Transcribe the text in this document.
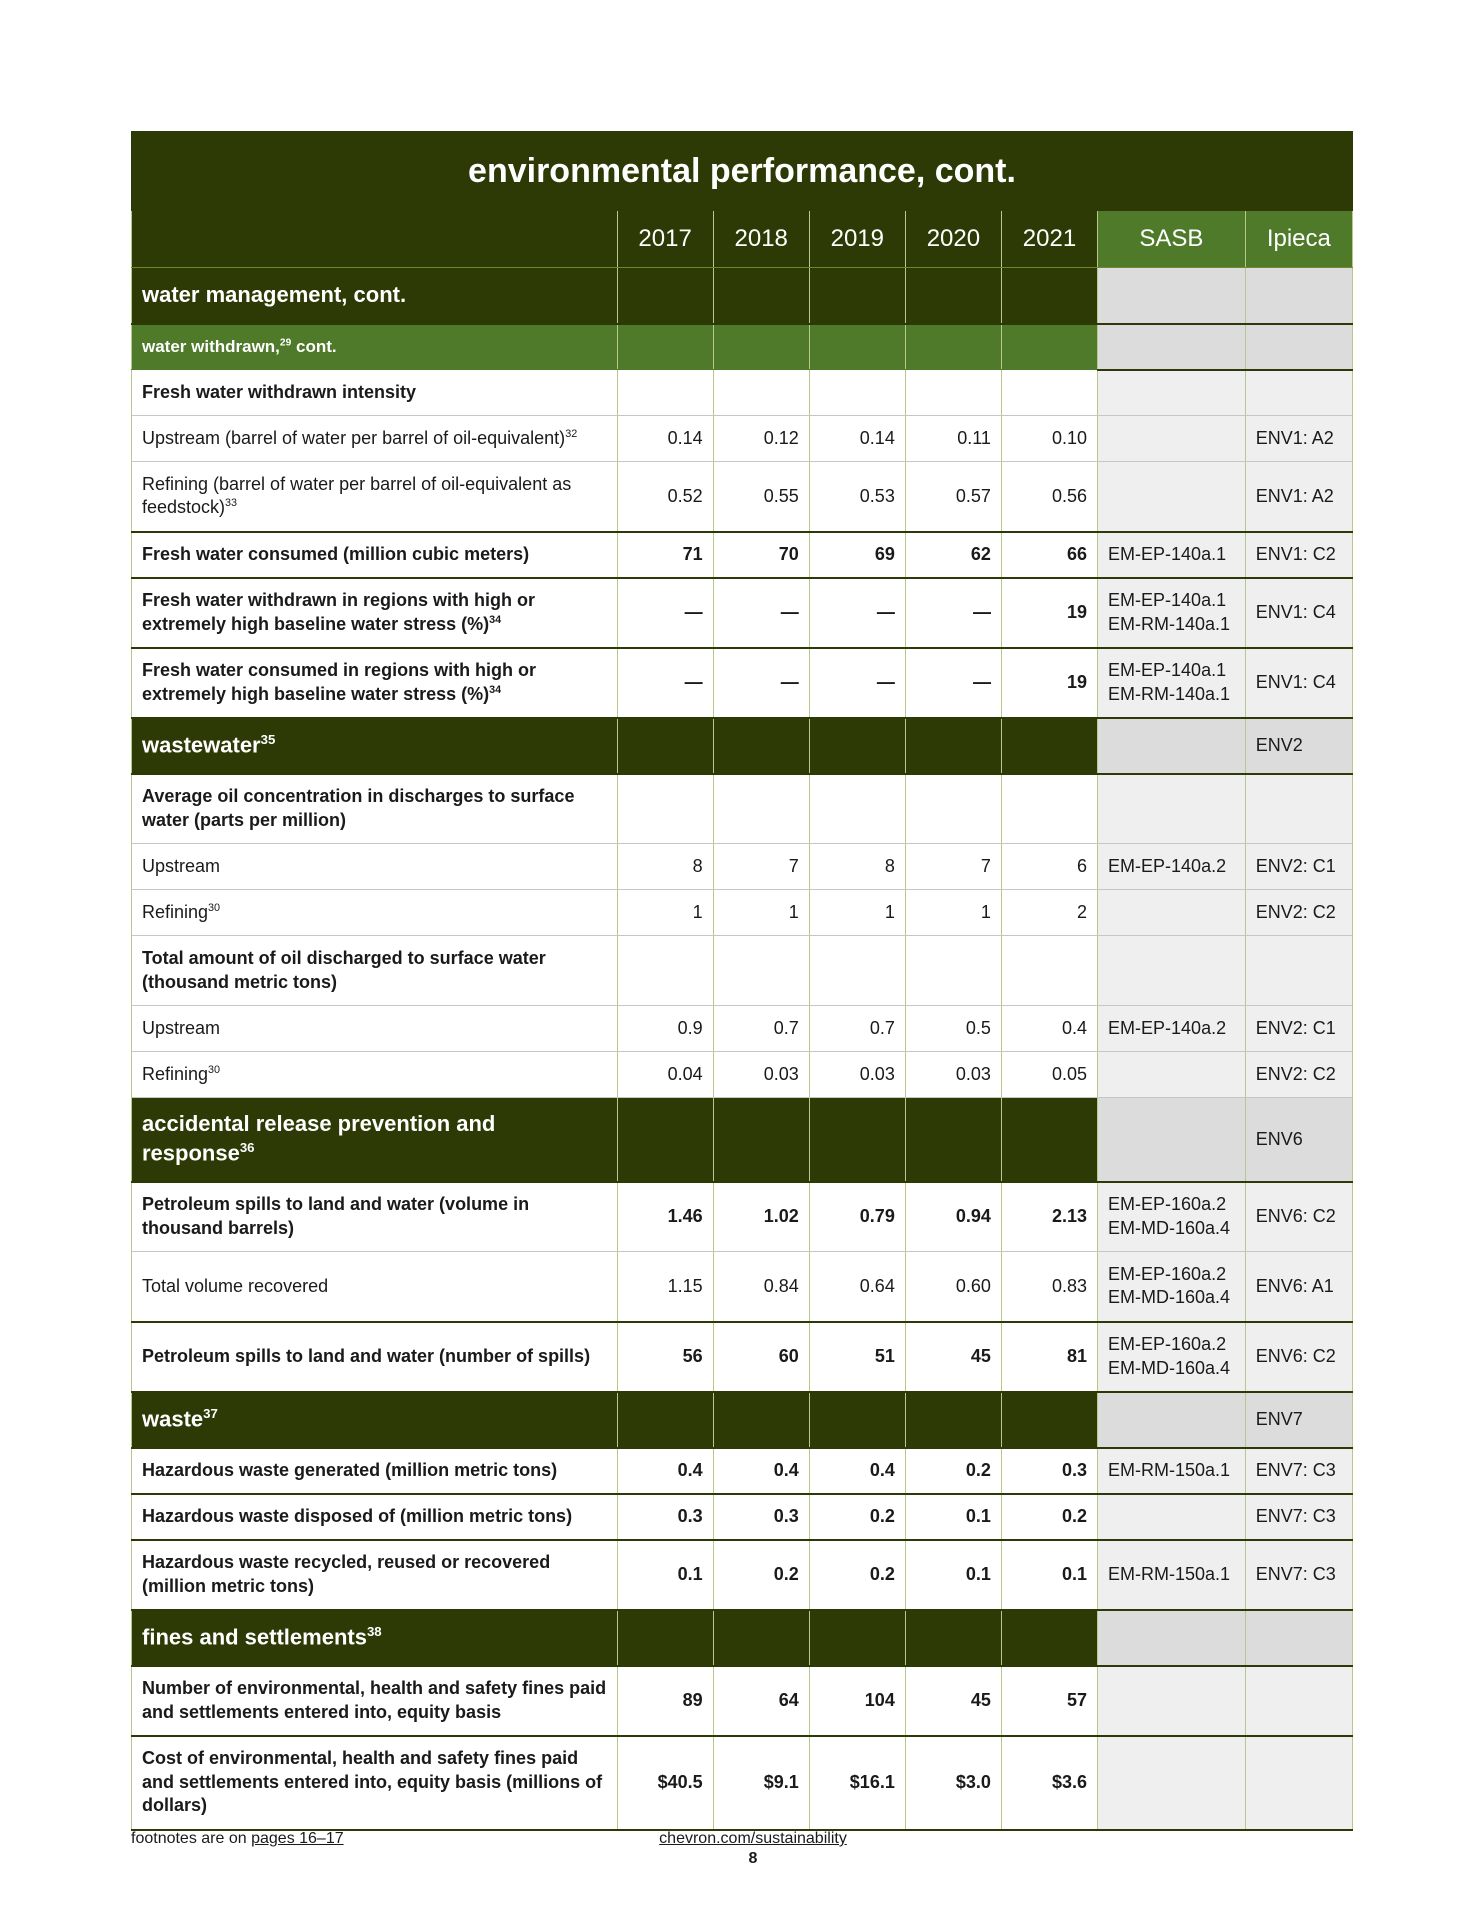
environmental performance, cont.
	2017	2018	2019	2020	2021	SASB	Ipieca
water management, cont.							
water withdrawn,$^{29}$ cont.							
Fresh water withdrawn intensity							
Upstream (barrel of water per barrel of oil-equivalent)$^{32}$	0.14	0.12	0.14	0.11	0.10		ENV1: A2
Refining (barrel of water per barrel of oil-equivalent as feedstock)$^{33}$	0.52	0.55	0.53	0.57	0.56		ENV1: A2
Fresh water consumed (million cubic meters)	71	70	69	62	66	EM-EP-140a.1	ENV1: C2
Fresh water withdrawn in regions with high or extremely high baseline water stress (%)$^{34}$	—	—	—	—	19	EM-EP-140a.1 EM-RM-140a.1	ENV1: C4
Fresh water consumed in regions with high or extremely high baseline water stress (%)$^{34}$	—	—	—	—	19	EM-EP-140a.1 EM-RM-140a.1	ENV1: C4
wastewater$^{35}$							ENV2
Average oil concentration in discharges to surface water (parts per million)							
Upstream	8	7	8	7	6	EM-EP-140a.2	ENV2: C1
Refining$^{30}$	1	1	1	1	2		ENV2: C2
Total amount of oil discharged to surface water (thousand metric tons)							
Upstream	0.9	0.7	0.7	0.5	0.4	EM-EP-140a.2	ENV2: C1
Refining$^{30}$	0.04	0.03	0.03	0.03	0.05		ENV2: C2
accidental release prevention and response$^{36}$							ENV6
Petroleum spills to land and water (volume in thousand barrels)	1.46	1.02	0.79	0.94	2.13	EM-EP-160a.2 EM-MD-160a.4	ENV6: C2
Total volume recovered	1.15	0.84	0.64	0.60	0.83	EM-EP-160a.2 EM-MD-160a.4	ENV6: A1
Petroleum spills to land and water (number of spills)	56	60	51	45	81	EM-EP-160a.2 EM-MD-160a.4	ENV6: C2
waste$^{37}$							ENV7
Hazardous waste generated (million metric tons)	0.4	0.4	0.4	0.2	0.3	EM-RM-150a.1	ENV7: C3
Hazardous waste disposed of (million metric tons)	0.3	0.3	0.2	0.1	0.2		ENV7: C3
Hazardous waste recycled, reused or recovered (million metric tons)	0.1	0.2	0.2	0.1	0.1	EM-RM-150a.1	ENV7: C3
fines and settlements$^{38}$							
Number of environmental, health and safety fines paid and settlements entered into, equity basis	89	64	104	45	57		
Cost of environmental, health and safety fines paid and settlements entered into, equity basis (millions of dollars)	$40.5	$9.1	$16.1	$3.0	$3.6		
footnotes are on pages 16–17	chevron.com/sustainability
8
